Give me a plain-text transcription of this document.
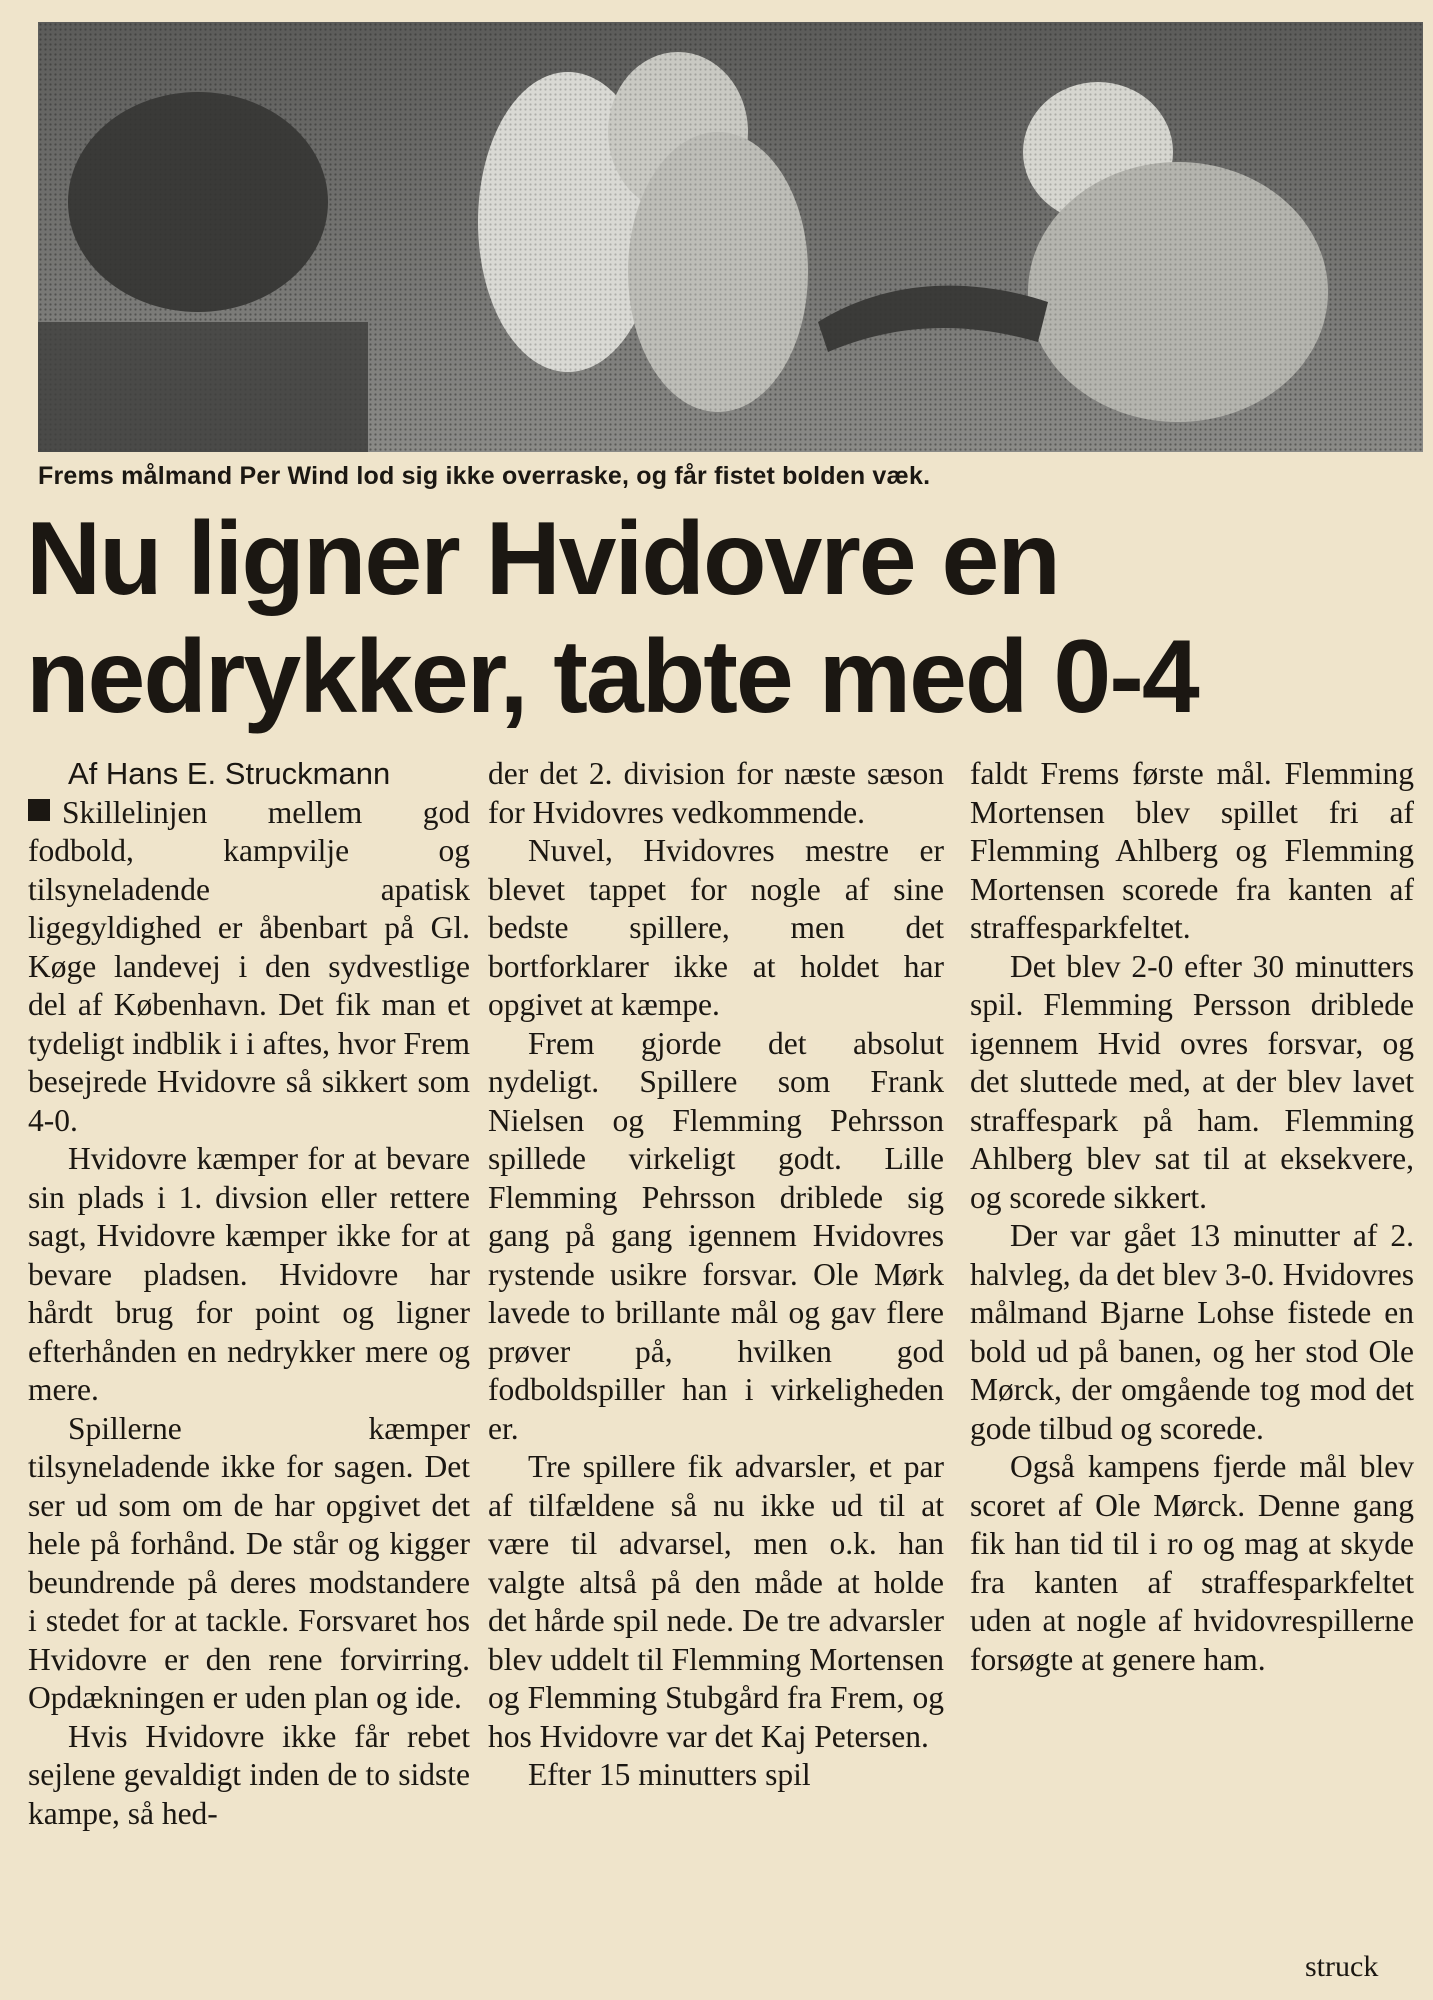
Frems målmand Per Wind lod sig ikke overraske, og får fistet bolden væk.
Nu ligner Hvidovre en
nedrykker, tabte med 0-4

Af Hans E. Struckmann

Skillelinjen mellem god fodbold, kampvilje og tilsyneladende apatisk ligegyldighed er åbenbart på Gl. Køge landevej i den sydvestlige del af København. Det fik man et tydeligt indblik i i aftes, hvor Frem besejrede Hvidovre så sikkert som 4-0.

Hvidovre kæmper for at bevare sin plads i 1. divsion eller rettere sagt, Hvidovre kæmper ikke for at bevare pladsen. Hvidovre har hårdt brug for point og ligner efterhånden en nedrykker mere og mere.

Spillerne kæmper tilsyneladende ikke for sagen. Det ser ud som om de har opgivet det hele på forhånd. De står og kigger beundrende på deres modstandere i stedet for at tackle. Forsvaret hos Hvidovre er den rene forvirring. Opdækningen er uden plan og ide.

Hvis Hvidovre ikke får rebet sejlene gevaldigt inden de to sidste kampe, så hed-

der det 2. division for næste sæson for Hvidovres vedkommende.

Nuvel, Hvidovres mestre er blevet tappet for nogle af sine bedste spillere, men det bortforklarer ikke at holdet har opgivet at kæmpe.

Frem gjorde det absolut nydeligt. Spillere som Frank Nielsen og Flemming Pehrsson spillede virkeligt godt. Lille Flemming Pehrsson driblede sig gang på gang igennem Hvidovres rystende usikre forsvar. Ole Mørk lavede to brillante mål og gav flere prøver på, hvilken god fodboldspiller han i virkeligheden er.

Tre spillere fik advarsler, et par af tilfældene så nu ikke ud til at være til advarsel, men o.k. han valgte altså på den måde at holde det hårde spil nede. De tre advarsler blev uddelt til Flemming Mortensen og Flemming Stubgård fra Frem, og hos Hvidovre var det Kaj Petersen.

Efter 15 minutters spil

faldt Frems første mål. Flemming Mortensen blev spillet fri af Flemming Ahlberg og Flemming Mortensen scorede fra kanten af straffesparkfeltet.

Det blev 2-0 efter 30 minutters spil. Flemming Persson driblede igennem Hvid ovres forsvar, og det sluttede med, at der blev lavet straffespark på ham. Flemming Ahlberg blev sat til at eksekvere, og scorede sikkert.

Der var gået 13 minutter af 2. halvleg, da det blev 3-0. Hvidovres målmand Bjarne Lohse fistede en bold ud på banen, og her stod Ole Mørck, der omgående tog mod det gode tilbud og scorede.

Også kampens fjerde mål blev scoret af Ole Mørck. Denne gang fik han tid til i ro og mag at skyde fra kanten af straffesparkfeltet uden at nogle af hvidovrespillerne forsøgte at genere ham.

struck
